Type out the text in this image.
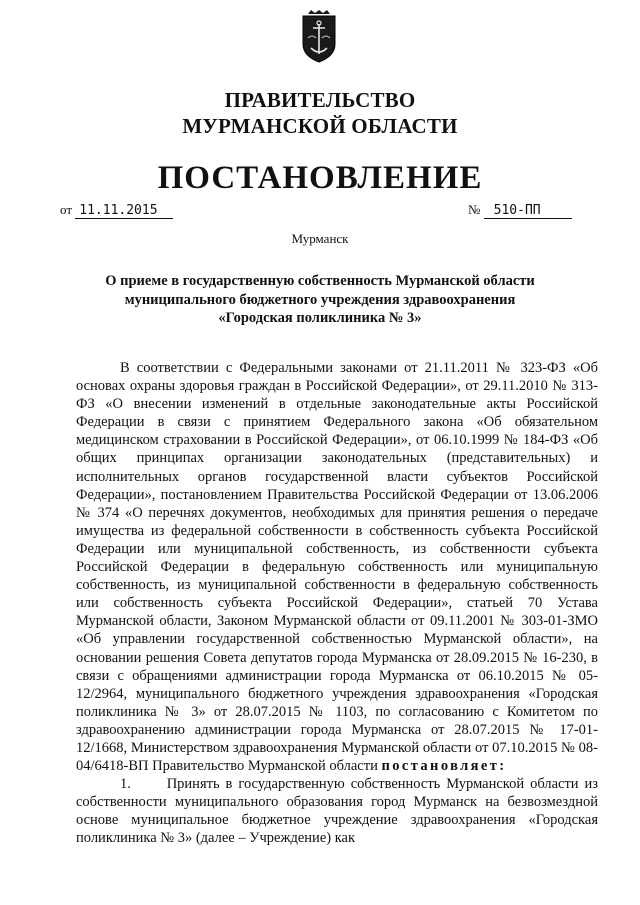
ПРАВИТЕЛЬСТВО
МУРМАНСКОЙ ОБЛАСТИ
ПОСТАНОВЛЕНИЕ
от 11.11.2015	№ 510-ПП
Мурманск
О приеме в государственную собственность Мурманской области
муниципального бюджетного учреждения здравоохранения
«Городская поликлиника № 3»

В соответствии с Федеральными законами от 21.11.2011 № 323-ФЗ «Об основах охраны здоровья граждан в Российской Федерации», от 29.11.2010 № 313-ФЗ «О внесении изменений в отдельные законодательные акты Российской Федерации в связи с принятием Федерального закона «Об обязательном медицинском страховании в Российской Федерации», от 06.10.1999 № 184-ФЗ «Об общих принципах организации законодательных (представительных) и исполнительных органов государственной власти субъектов Российской Федерации», постановлением Правительства Российской Федерации от 13.06.2006 № 374 «О перечнях документов, необходимых для принятия решения о передаче имущества из федеральной собственности в собственность субъекта Российской Федерации или муниципальной собственность, из собственности субъекта Российской Федерации в федеральную собственность или муниципальную собственность, из муниципальной собственности в федеральную собственность или собственность субъекта Российской Федерации», статьей 70 Устава Мурманской области, Законом Мурманской области от 09.11.2001 № 303-01-ЗМО «Об управлении государственной собственностью Мурманской области», на основании решения Совета депутатов города Мурманска от 28.09.2015 № 16-230, в связи с обращениями администрации города Мурманска от 06.10.2015 № 05-12/2964, муниципального бюджетного учреждения здравоохранения «Городская поликлиника № 3» от 28.07.2015 № 1103, по согласованию с Комитетом по здравоохранению администрации города Мурманска от 28.07.2015 № 17-01-12/1668, Министерством здравоохранения Мурманской области от 07.10.2015 № 08-04/6418-ВП Правительство Мурманской области постановляет:

1.      Принять в государственную собственность Мурманской области из собственности муниципального образования город Мурманск на безвозмездной основе муниципальное бюджетное учреждение здравоохранения «Городская поликлиника № 3» (далее – Учреждение) как
